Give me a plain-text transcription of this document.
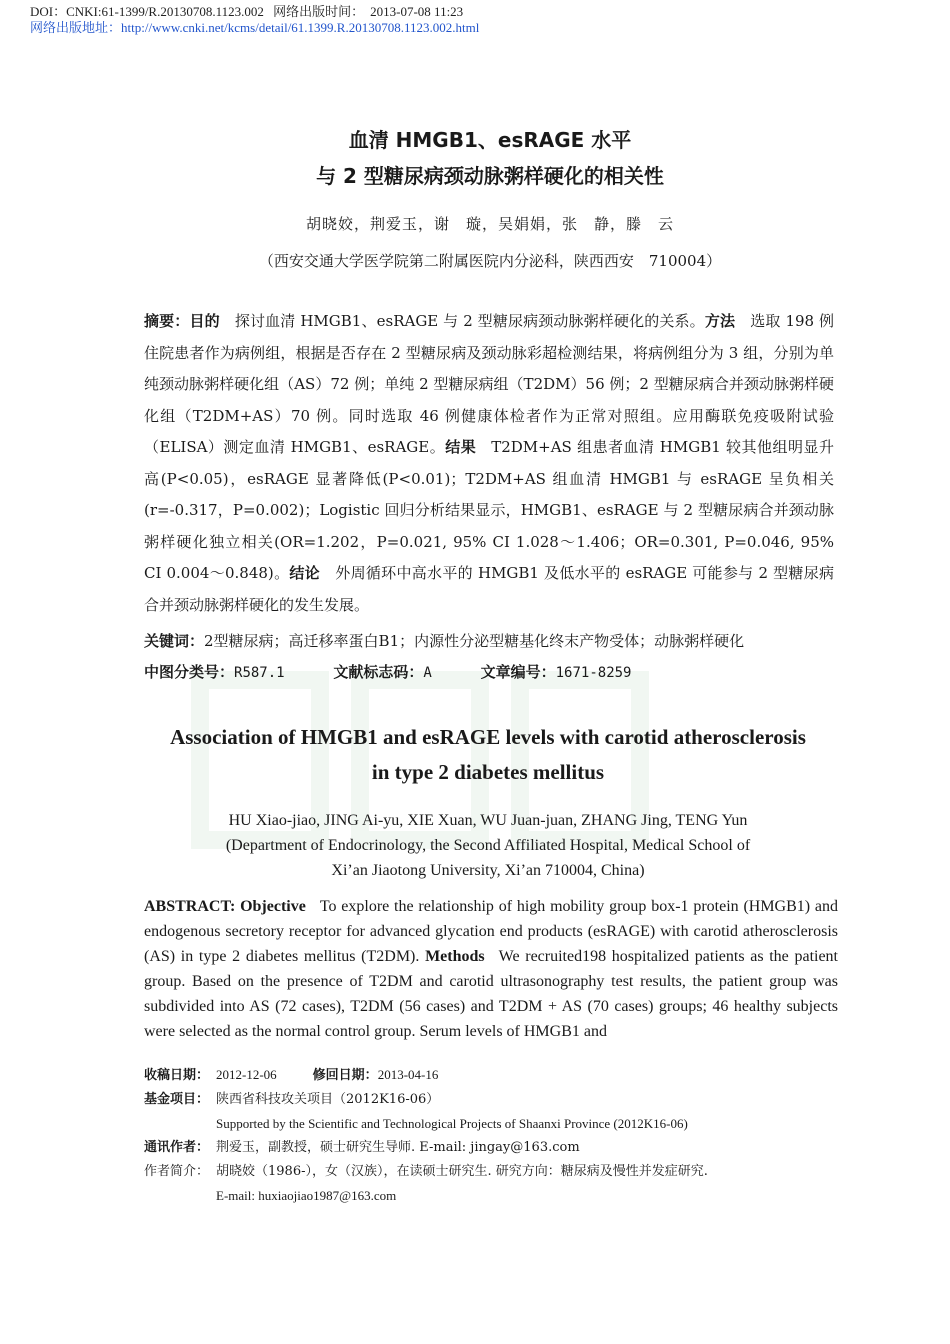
DOI：CNKI:61-1399/R.20130708.1123.002 网络出版时间： 2013-07-08 11:23
网络出版地址：http://www.cnki.net/kcms/detail/61.1399.R.20130708.1123.002.html
血清 HMGB1、esRAGE 水平
与 2 型糖尿病颈动脉粥样硬化的相关性
胡晓姣，荆爱玉，谢　璇，吴娟娟，张　静，滕　云
（西安交通大学医学院第二附属医院内分泌科，陕西西安　710004）

摘要：目的  探讨血清 HMGB1、esRAGE 与 2 型糖尿病颈动脉粥样硬化的关系。方法  选取 198 例住院患者作为病例组，根据是否存在 2 型糖尿病及颈动脉彩超检测结果，将病例组分为 3 组，分别为单纯颈动脉粥样硬化组（AS）72 例；单纯 2 型糖尿病组（T2DM）56 例；2 型糖尿病合并颈动脉粥样硬化组（T2DM+AS）70 例。同时选取 46 例健康体检者作为正常对照组。应用酶联免疫吸附试验（ELISA）测定血清 HMGB1、esRAGE。结果  T2DM+AS 组患者血清 HMGB1 较其他组明显升高(P<0.05)，esRAGE 显著降低(P<0.01)；T2DM+AS 组血清 HMGB1 与 esRAGE 呈负相关(r=-0.317，P=0.002)；Logistic 回归分析结果显示，HMGB1、esRAGE 与 2 型糖尿病合并颈动脉粥样硬化独立相关(OR=1.202，P=0.021, 95% CI 1.028～1.406；OR=0.301, P=0.046, 95% CI 0.004～0.848)。结论  外周循环中高水平的 HMGB1 及低水平的 esRAGE 可能参与 2 型糖尿病合并颈动脉粥样硬化的发生发展。

关键词：2型糖尿病；高迁移率蛋白B1；内源性分泌型糖基化终末产物受体；动脉粥样硬化
中图分类号：R587.1	文献标志码：A	文章编号：1671-8259
Association of HMGB1 and esRAGE levels with carotid atherosclerosis
in type 2 diabetes mellitus
HU Xiao-jiao, JING Ai-yu, XIE Xuan, WU Juan-juan, ZHANG Jing, TENG Yun
(Department of Endocrinology, the Second Affiliated Hospital, Medical School of
Xi’an Jiaotong University, Xi’an 710004, China)
ABSTRACT: Objective To explore the relationship of high mobility group box-1 protein (HMGB1) and endogenous secretory receptor for advanced glycation end products (esRAGE) with carotid atherosclerosis (AS) in type 2 diabetes mellitus (T2DM). Methods We recruited198 hospitalized patients as the patient group. Based on the presence of T2DM and carotid ultrasonography test results, the patient group was subdivided into AS (72 cases), T2DM (56 cases) and T2DM + AS (70 cases) groups; 46 healthy subjects were selected as the normal control group. Serum levels of HMGB1 and
收稿日期： 2012-12-06	修回日期：2013-04-16
基金项目： 陕西省科技攻关项目（2012K16-06）
Supported by the Scientific and Technological Projects of Shaanxi Province (2012K16-06)
通讯作者： 荆爱玉，副教授，硕士研究生导师. E-mail: jingay@163.com
作者简介： 胡晓姣（1986-），女（汉族），在读硕士研究生. 研究方向：糖尿病及慢性并发症研究.
E-mail: huxiaojiao1987@163.com
